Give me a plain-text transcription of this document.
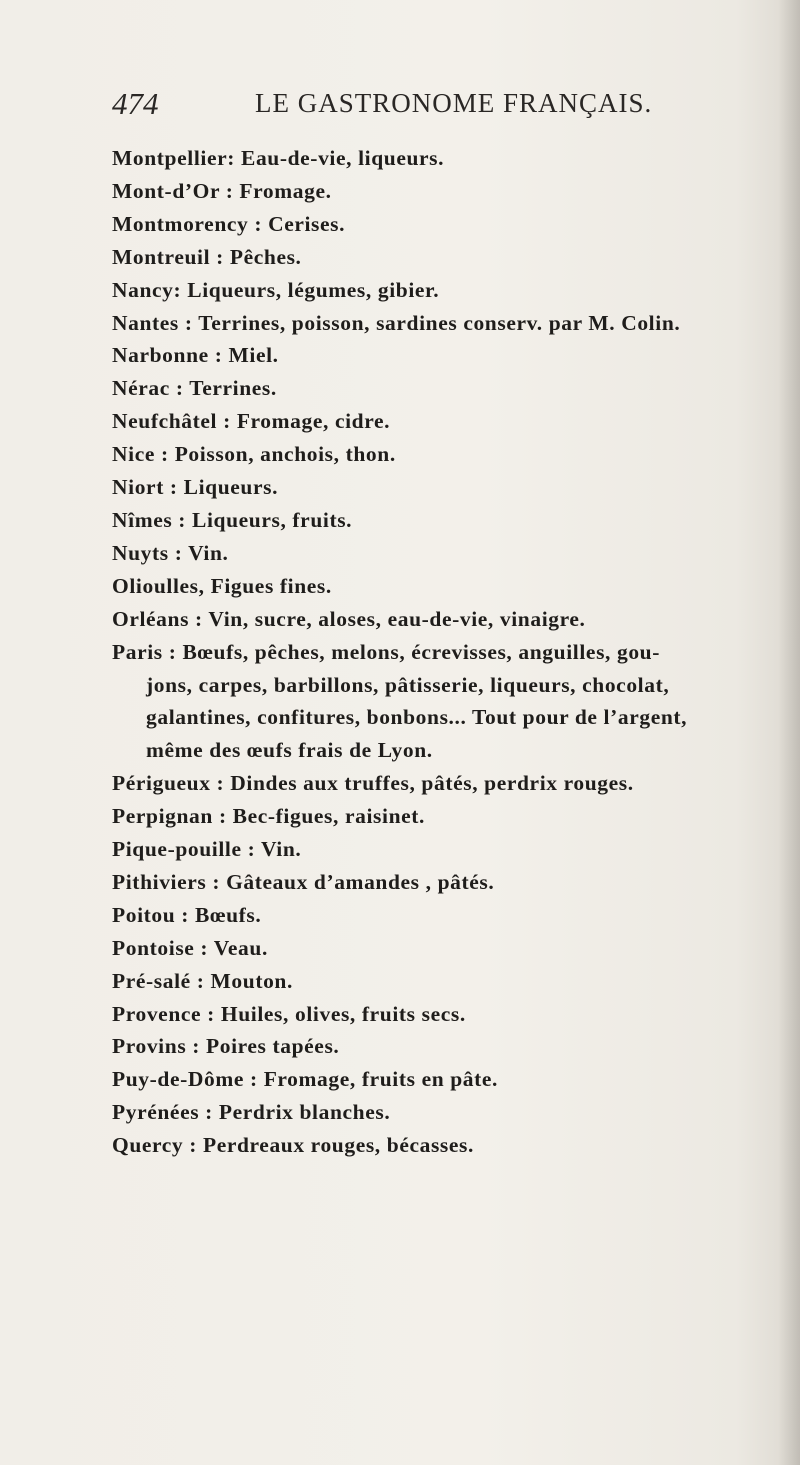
474	LE GASTRONOME FRANÇAIS.
Montpellier: Eau-de-vie, liqueurs.
Mont-d’Or : Fromage.
Montmorency : Cerises.
Montreuil : Pêches.
Nancy: Liqueurs, légumes, gibier.
Nantes : Terrines, poisson, sardines conserv. par M. Colin.
Narbonne : Miel.
Nérac : Terrines.
Neufchâtel : Fromage, cidre.
Nice : Poisson, anchois, thon.
Niort : Liqueurs.
Nîmes : Liqueurs, fruits.
Nuyts : Vin.
Olioulles, Figues fines.
Orléans : Vin, sucre, aloses, eau-de-vie, vinaigre.
Paris : Bœufs, pêches, melons, écrevisses, anguilles, gou-
jons, carpes, barbillons, pâtisserie, liqueurs, chocolat,
galantines, confitures, bonbons... Tout pour de l’argent,
même des œufs frais de Lyon.
Périgueux : Dindes aux truffes, pâtés, perdrix rouges.
Perpignan : Bec-figues, raisinet.
Pique-pouille : Vin.
Pithiviers : Gâteaux d’amandes , pâtés.
Poitou : Bœufs.
Pontoise : Veau.
Pré-salé : Mouton.
Provence : Huiles, olives, fruits secs.
Provins : Poires tapées.
Puy-de-Dôme : Fromage, fruits en pâte.
Pyrénées : Perdrix blanches.
Quercy : Perdreaux rouges, bécasses.
